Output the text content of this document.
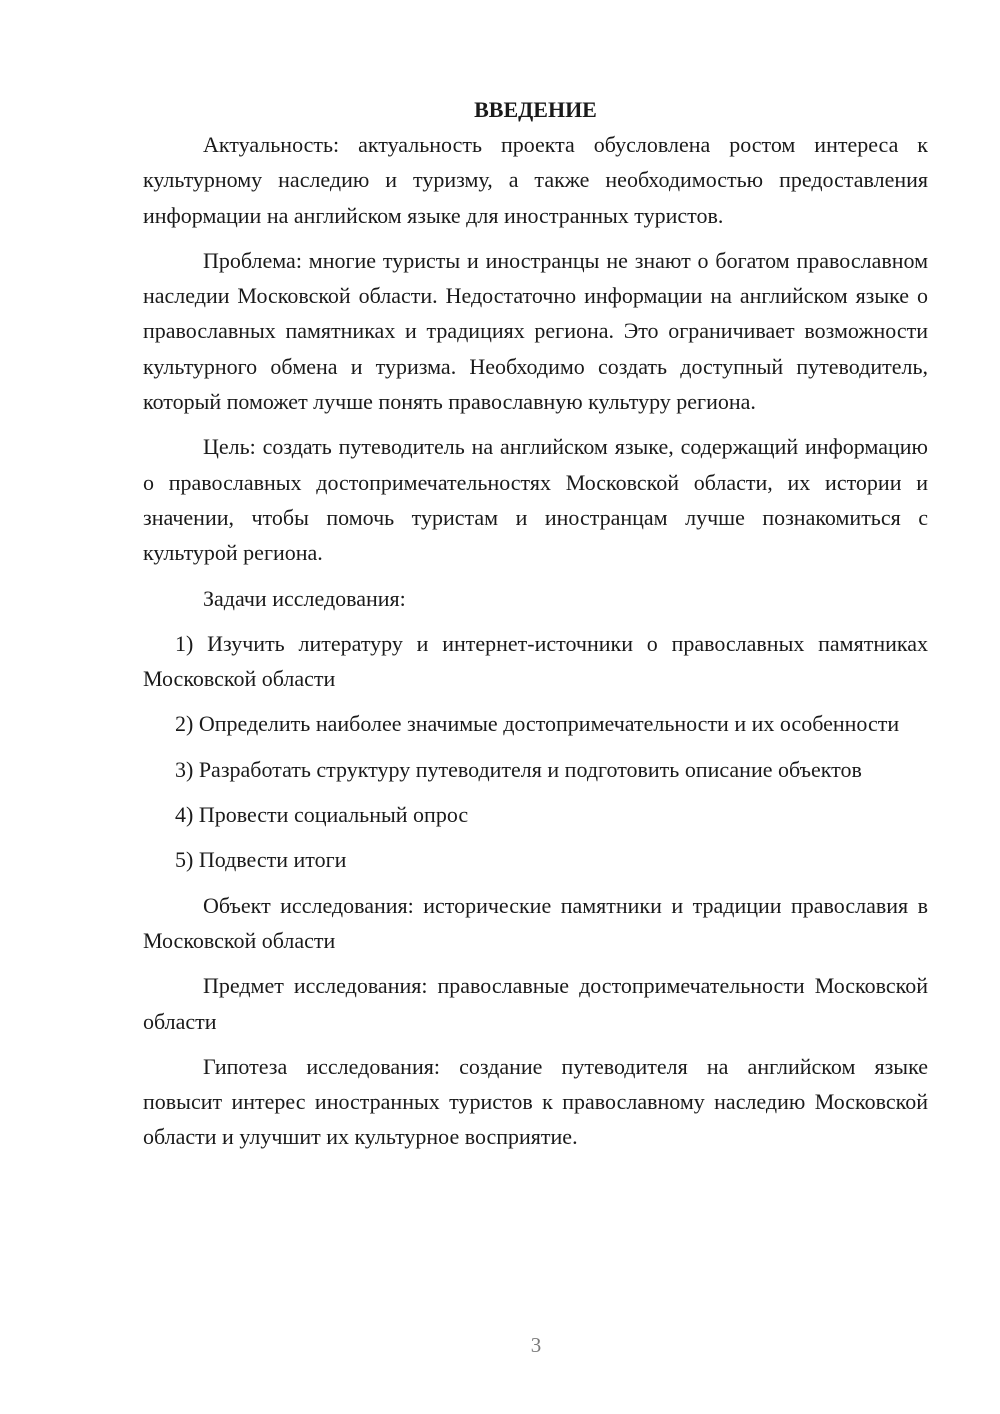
ВВЕДЕНИЕ

Актуальность: актуальность проекта обусловлена ростом интереса к культурному наследию и туризму, а также необходимостью предоставления информации на английском языке для иностранных туристов.

Проблема: многие туристы и иностранцы не знают о богатом православном наследии Московской области. Недостаточно информации на английском языке о православных памятниках и традициях региона. Это ограничивает возможности культурного обмена и туризма. Необходимо создать доступный путеводитель, который поможет лучше понять православную культуру региона.

Цель: создать путеводитель на английском языке, содержащий информацию о православных достопримечательностях Московской области, их истории и значении, чтобы помочь туристам и иностранцам лучше познакомиться с культурой региона.

Задачи исследования:

1) Изучить литературу и интернет-источники о православных памятниках Московской области

2) Определить наиболее значимые достопримечательности и их особенности

3) Разработать структуру путеводителя и подготовить описание объектов

4) Провести социальный опрос

5) Подвести итоги

Объект исследования: исторические памятники и традиции православия в Московской области

Предмет исследования: православные достопримечательности Московской области

Гипотеза исследования: создание путеводителя на английском языке повысит интерес иностранных туристов к православному наследию Московской области и улучшит их культурное восприятие.

3
